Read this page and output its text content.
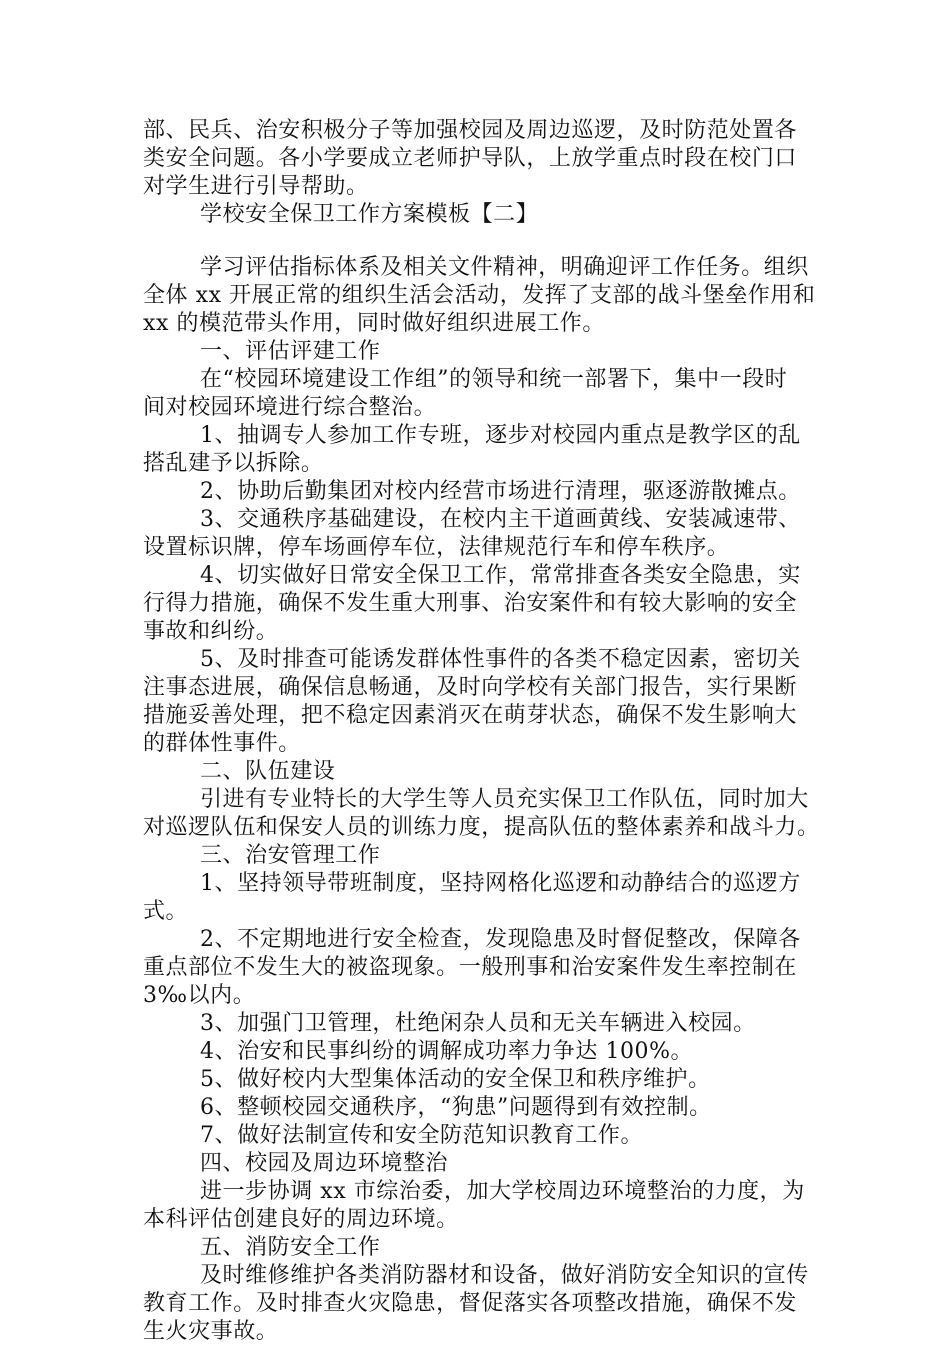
部、民兵、治安积极分子等加强校园及周边巡逻，及时防范处置各
类安全问题。各小学要成立老师护导队，上放学重点时段在校门口
对学生进行引导帮助。
学校安全保卫工作方案模板【二】
学习评估指标体系及相关文件精神，明确迎评工作任务。组织
全体 xx 开展正常的组织生活会活动，发挥了支部的战斗堡垒作用和
xx 的模范带头作用，同时做好组织进展工作。
一、评估评建工作
在“校园环境建设工作组”的领导和统一部署下，集中一段时
间对校园环境进行综合整治。
1、抽调专人参加工作专班，逐步对校园内重点是教学区的乱
搭乱建予以拆除。
2、协助后勤集团对校内经营市场进行清理，驱逐游散摊点。
3、交通秩序基础建设，在校内主干道画黄线、安装减速带、
设置标识牌，停车场画停车位，法律规范行车和停车秩序。
4、切实做好日常安全保卫工作，常常排查各类安全隐患，实
行得力措施，确保不发生重大刑事、治安案件和有较大影响的安全
事故和纠纷。
5、及时排查可能诱发群体性事件的各类不稳定因素，密切关
注事态进展，确保信息畅通，及时向学校有关部门报告，实行果断
措施妥善处理，把不稳定因素消灭在萌芽状态，确保不发生影响大
的群体性事件。
二、队伍建设
引进有专业特长的大学生等人员充实保卫工作队伍，同时加大
对巡逻队伍和保安人员的训练力度，提高队伍的整体素养和战斗力。
三、治安管理工作
1、坚持领导带班制度，坚持网格化巡逻和动静结合的巡逻方
式。
2、不定期地进行安全检查，发现隐患及时督促整改，保障各
重点部位不发生大的被盗现象。一般刑事和治安案件发生率控制在
3‰以内。
3、加强门卫管理，杜绝闲杂人员和无关车辆进入校园。
4、治安和民事纠纷的调解成功率力争达 100%。
5、做好校内大型集体活动的安全保卫和秩序维护。
6、整顿校园交通秩序，“狗患”问题得到有效控制。
7、做好法制宣传和安全防范知识教育工作。
四、校园及周边环境整治
进一步协调 xx 市综治委，加大学校周边环境整治的力度，为
本科评估创建良好的周边环境。
五、消防安全工作
及时维修维护各类消防器材和设备，做好消防安全知识的宣传
教育工作。及时排查火灾隐患，督促落实各项整改措施，确保不发
生火灾事故。
